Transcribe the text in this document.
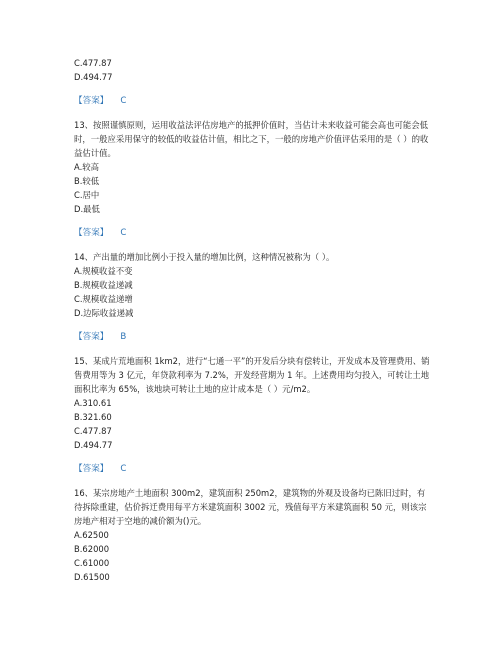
C.477.87
D.494.77
【答案】 C
13、按照谨慎原则，运用收益法评估房地产的抵押价值时，当估计未来收益可能会高也可能会低时，一般应采用保守的较低的收益估计值，相比之下，一般的房地产价值评估采用的是（ ）的收益估计值。
A.较高
B.较低
C.居中
D.最低
【答案】 C
14、产出量的增加比例小于投入量的增加比例，这种情况被称为（ ）。
A.规模收益不变
B.规模收益递减
C.规模收益递增
D.边际收益递减
【答案】 B
15、某成片荒地面积 1km2，进行“七通一平”的开发后分块有偿转让，开发成本及管理费用、销售费用等为 3 亿元，年贷款利率为 7.2%，开发经营期为 1 年。上述费用均匀投入，可转让土地面积比率为 65%，该地块可转让土地的应计成本是（ ）元/m2。
A.310.61
B.321.60
C.477.87
D.494.77
【答案】 C
16、某宗房地产土地面积 300m2，建筑面积 250m2，建筑物的外观及设备均已陈旧过时，有待拆除重建，估价拆迁费用每平方米建筑面积 3002 元，残值每平方米建筑面积 50 元，则该宗房地产相对于空地的减价额为()元。
A.62500
B.62000
C.61000
D.61500
